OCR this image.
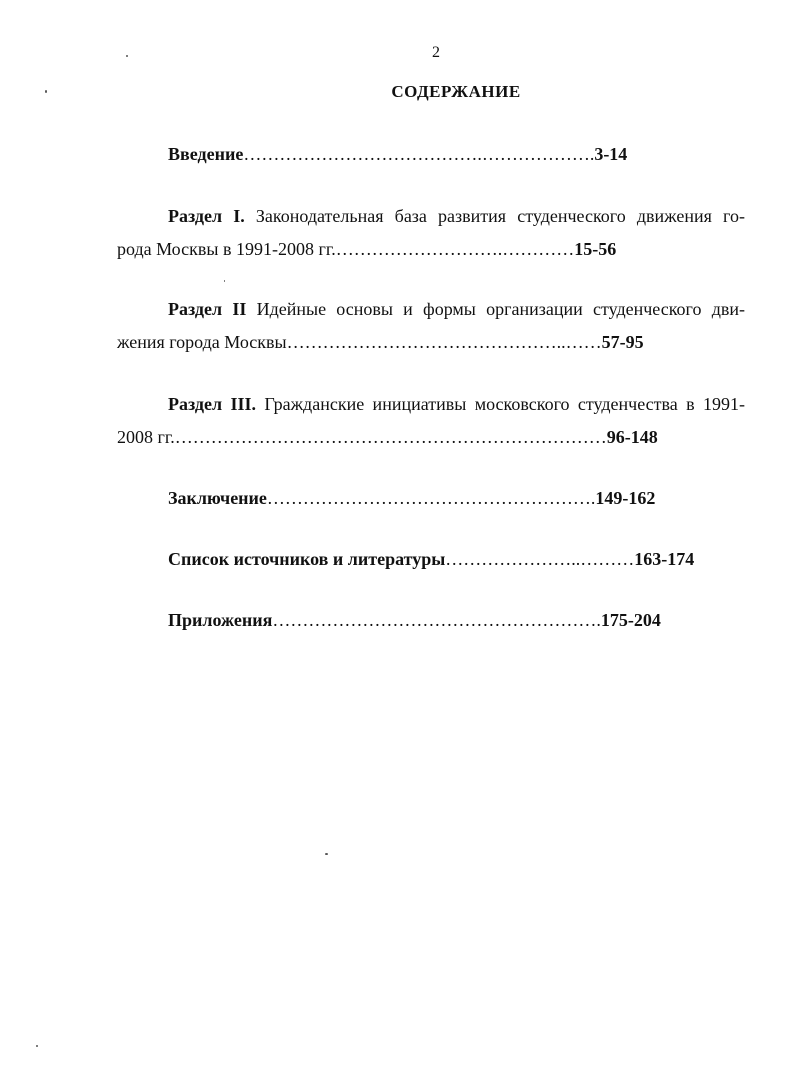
2
СОДЕРЖАНИЕ
Введение………………………………….……………….3-14
Раздел I. Законодательная база развития студенческого движения го-
рода Москвы в 1991-2008 гг.……………………….…………15-56
Раздел II Идейные основы и формы организации студенческого дви-
жения города Москвы………………………………………..……57-95
Раздел III. Гражданские инициативы московского студенчества в 1991-
2008 гг.………………………………………………………………96-148
Заключение……………………………………………….149-162
Список источников и литературы…………………..………163-174
Приложения……………………………………………….175-204
